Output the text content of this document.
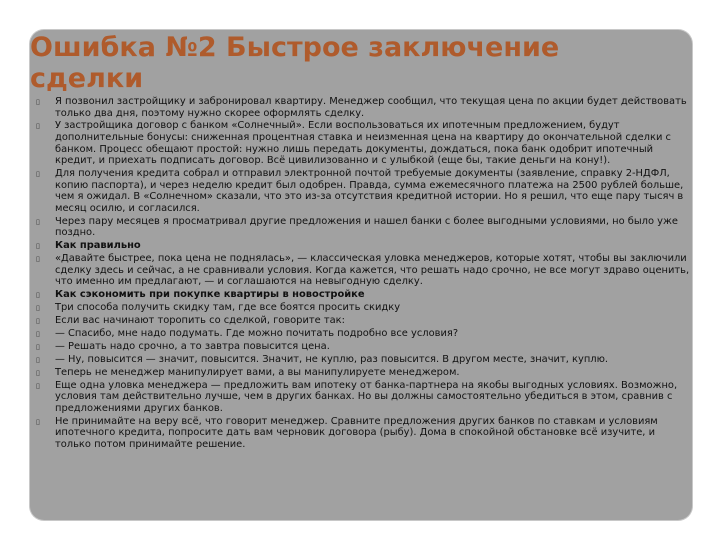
Ошибка №2 Быстрое заключение сделки
▯ Я позвонил застройщику и забронировал квартиру. Менеджер сообщил, что текущая цена по акции будет действовать только два дня, поэтому нужно скорее оформлять сделку.
▯ У застройщика договор с банком «Солнечный». Если воспользоваться их ипотечным предложением, будут дополнительные бонусы: сниженная процентная ставка и неизменная цена на квартиру до окончательной сделки с банком. Процесс обещают простой: нужно лишь передать документы, дождаться, пока банк одобрит ипотечный кредит, и приехать подписать договор. Всё цивилизованно и с улыбкой (еще бы, такие деньги на кону!).
▯ Для получения кредита собрал и отправил электронной почтой требуемые документы (заявление, справку 2-НДФЛ, копию паспорта), и через неделю кредит был одобрен. Правда, сумма ежемесячного платежа на 2500 рублей больше, чем я ожидал. В «Солнечном» сказали, что это из-за отсутствия кредитной истории. Но я решил, что еще пару тысяч в месяц осилю, и согласился.
▯ Через пару месяцев я просматривал другие предложения и нашел банки с более выгодными условиями, но было уже поздно.
▯ Как правильно
▯ «Давайте быстрее, пока цена не поднялась», — классическая уловка менеджеров, которые хотят, чтобы вы заключили сделку здесь и сейчас, а не сравнивали условия. Когда кажется, что решать надо срочно, не все могут здраво оценить, что именно им предлагают, — и соглашаются на невыгодную сделку.
▯ Как сэкономить при покупке квартиры в новостройке
▯ Три способа получить скидку там, где все боятся просить скидку
▯ Если вас начинают торопить со сделкой, говорите так:
▯ — Спасибо, мне надо подумать. Где можно почитать подробно все условия?
▯ — Решать надо срочно, а то завтра повысится цена.
▯ — Ну, повысится — значит, повысится. Значит, не куплю, раз повысится. В другом месте, значит, куплю.
▯ Теперь не менеджер манипулирует вами, а вы манипулируете менеджером.
▯ Еще одна уловка менеджера — предложить вам ипотеку от банка-партнера на якобы выгодных условиях. Возможно, условия там действительно лучше, чем в других банках. Но вы должны самостоятельно убедиться в этом, сравнив с предложениями других банков.
▯ Не принимайте на веру всё, что говорит менеджер. Сравните предложения других банков по ставкам и условиям ипотечного кредита, попросите дать вам черновик договора (рыбу). Дома в спокойной обстановке всё изучите, и только потом принимайте решение.
